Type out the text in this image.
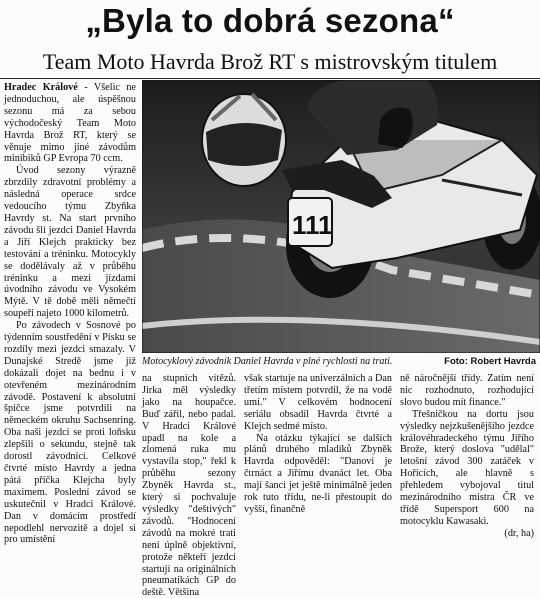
„Byla to dobrá sezona“
Team Moto Havrda Brož RT s mistrovským titulem

Hradec Králové - Všelic ne jednoduchou, ale úspěšnou sezonu má za sebou východočeský Team Moto Havrda Brož RT, který se věnuje mimo jiné závodům minibiků GP Evropa 70 ccm.

Úvod sezony výrazně zbrzdily zdravotní problémy a následná operace srdce vedoucího týmu Zbyňka Havrdy st. Na start prvního závodu šli jezdci Daniel Havrda a Jiří Klejch prakticky bez testování a tréninku. Motocykly se dodělávaly až v průběhu tréninku a mezi jízdami úvodního závodu ve Vysokém Mýtě. V tě době měli němečtí soupeři najeto 1000 kilometrů.

Po závodech v Sosnové po týdenním soustředění v Písku se rozdíly mezi jezdci smazaly. V Dunajské Stredě jsme již dokázali dojet na bednu i v otevřeném mezinárodním závodě. Postavení k absolutní špičce jsme potvrdili na německém okruhu Sachsenring. Oba naši jezdci se proti loňsku zlepšili o sekundu, stejně tak dorostl závodníci. Celkové čtvrté místo Havrdy a jedna pátá příčka Klejcha byly maximem. Poslední závod se uskutečnil v Hradci Králové. Dan v domácím prostředí nepodlehl nervozitě a dojel si pro umístění

111
Motocyklový závodník Daniel Havrda v plné rychlosti na trati.	Foto: Robert Havrda

na stupních vítězů. Jirka měl výsledky jako na houpačce. Buď zářil, nebo padal. V Hradci Králové upadl na kole a zlomená ruka mu vystavila stop," řekl k průběhu sezony Zbyněk Havrda st., který si pochvaluje výsledky "deštivých" závodů. "Hodnocení závodů na mokré trati není úplně objektivní, protože někteří jezdci startují na originálních pneumatikách GP do deště. Většina

však startuje na univerzálních a Dan třetím místem potvrdil, že na vodě umí." V celkovém hodnocení seriálu obsadil Havrda čtvrté a Klejch sedmé místo.

Na otázku týkající se dalších plánů druhého mladíků Zbyněk Havrda odpověděl: "Danovi je čtrnáct a Jiřímu dvanáct let. Oba mají šanci jet ještě minimálně jeden rok tuto třídu, ne-li přestoupit do vyšší, finančně

ně náročnější třídy. Zatím není nic rozhodnuto, rozhodující slovo budou mít finance."

Třešničkou na dortu jsou výsledky nejzkušenějšího jezdce královéhradeckého týmu Jiřího Brože, který doslova "udělal" letošní závod 300 zatáček v Hořicích, ale hlavně s přehledem vybojoval titul mezinárodního mistra ČR ve třídě Supersport 600 na motocyklu Kawasaki.

(dr, ha)
